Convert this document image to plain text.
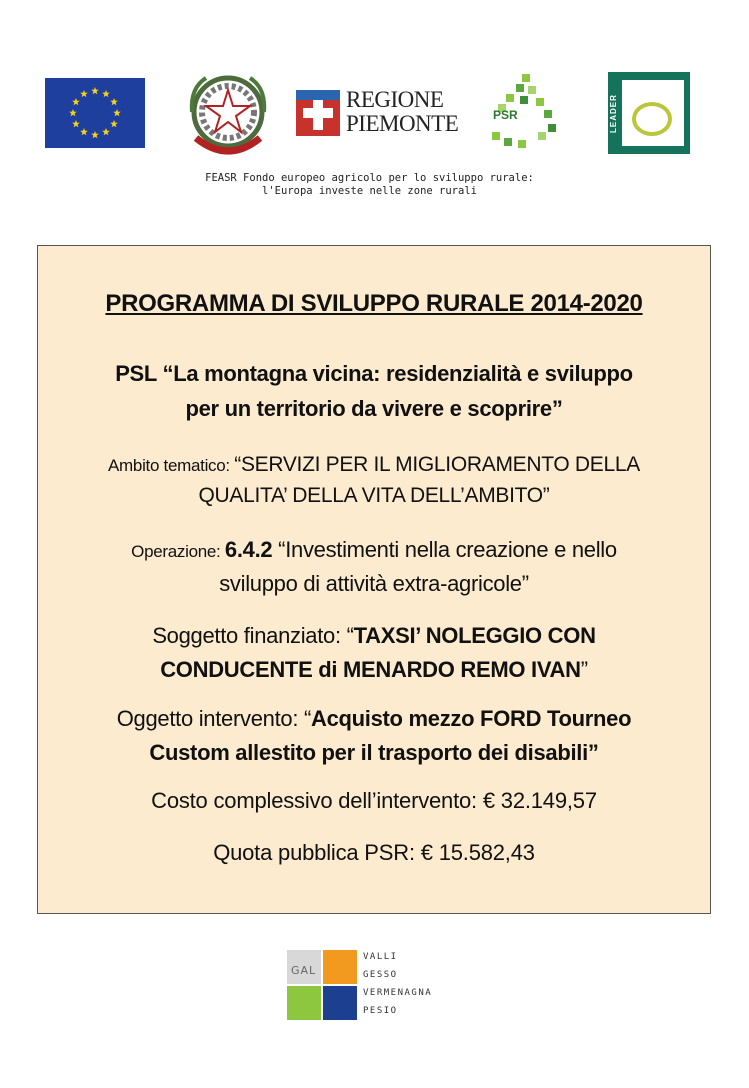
REGIONE
PIEMONTE	PSR	LEADER
FEASR Fondo europeo agricolo per lo sviluppo rurale:
l'Europa investe nelle zone rurali
PROGRAMMA DI SVILUPPO RURALE 2014-2020
PSL “La montagna vicina: residenzialità e sviluppo
per un territorio da vivere e scoprire”
Ambito tematico: “SERVIZI PER IL MIGLIORAMENTO DELLA
QUALITA’ DELLA VITA DELL’AMBITO”
Operazione: 6.4.2 “Investimenti nella creazione e nello
sviluppo di attività extra-agricole”
Soggetto finanziato: “TAXSI’ NOLEGGIO CON
CONDUCENTE di MENARDO REMO IVAN”
Oggetto intervento: “Acquisto mezzo FORD Tourneo
Custom allestito per il trasporto dei disabili”
Costo complessivo dell’intervento: € 32.149,57
Quota pubblica PSR: € 15.582,43
GAL
VALLI
GESSO
VERMENAGNA
PESIO
